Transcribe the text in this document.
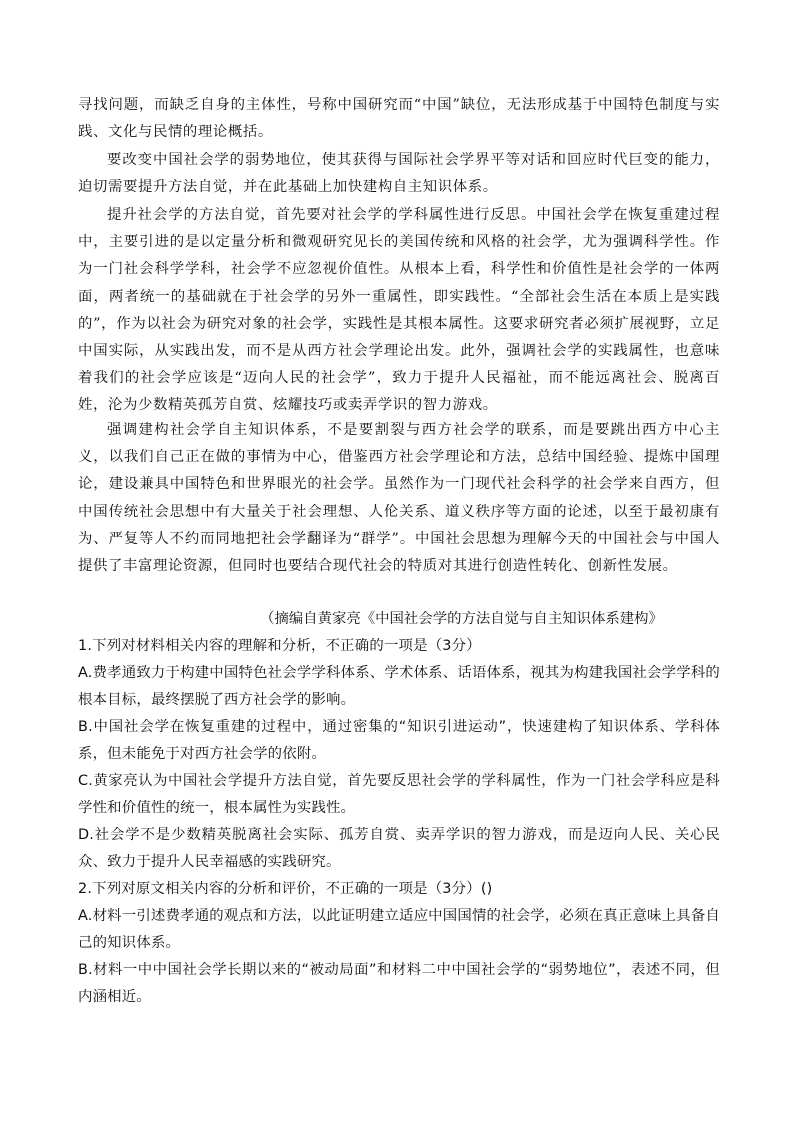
寻找问题，而缺乏自身的主体性，号称中国研究而“中国”缺位，无法形成基于中国特色制度与实践、文化与民情的理论概括。

要改变中国社会学的弱势地位，使其获得与国际社会学界平等对话和回应时代巨变的能力，迫切需要提升方法自觉，并在此基础上加快建构自主知识体系。

提升社会学的方法自觉，首先要对社会学的学科属性进行反思。中国社会学在恢复重建过程中，主要引进的是以定量分析和微观研究见长的美国传统和风格的社会学，尤为强调科学性。作为一门社会科学学科，社会学不应忽视价值性。从根本上看，科学性和价值性是社会学的一体两面，两者统一的基础就在于社会学的另外一重属性，即实践性。“全部社会生活在本质上是实践的”，作为以社会为研究对象的社会学，实践性是其根本属性。这要求研究者必须扩展视野，立足中国实际，从实践出发，而不是从西方社会学理论出发。此外，强调社会学的实践属性，也意味着我们的社会学应该是“迈向人民的社会学”，致力于提升人民福祉，而不能远离社会、脱离百姓，沦为少数精英孤芳自赏、炫耀技巧或卖弄学识的智力游戏。

强调建构社会学自主知识体系，不是要割裂与西方社会学的联系，而是要跳出西方中心主义，以我们自己正在做的事情为中心，借鉴西方社会学理论和方法，总结中国经验、提炼中国理论，建设兼具中国特色和世界眼光的社会学。虽然作为一门现代社会科学的社会学来自西方，但中国传统社会思想中有大量关于社会理想、人伦关系、道义秩序等方面的论述，以至于最初康有为、严复等人不约而同地把社会学翻译为“群学”。中国社会思想为理解今天的中国社会与中国人提供了丰富理论资源，但同时也要结合现代社会的特质对其进行创造性转化、创新性发展。

（摘编自黄家亮《中国社会学的方法自觉与自主知识体系建构》

1.下列对材料相关内容的理解和分析，不正确的一项是（3分）

A.费孝通致力于构建中国特色社会学学科体系、学术体系、话语体系，视其为构建我国社会学学科的根本目标，最终摆脱了西方社会学的影响。

B.中国社会学在恢复重建的过程中，通过密集的“知识引进运动”，快速建构了知识体系、学科体系，但未能免于对西方社会学的依附。

C.黄家亮认为中国社会学提升方法自觉，首先要反思社会学的学科属性，作为一门社会学科应是科学性和价值性的统一，根本属性为实践性。

D.社会学不是少数精英脱离社会实际、孤芳自赏、卖弄学识的智力游戏，而是迈向人民、关心民众、致力于提升人民幸福感的实践研究。

2.下列对原文相关内容的分析和评价，不正确的一项是（3分）()

A.材料一引述费孝通的观点和方法，以此证明建立适应中国国情的社会学，必须在真正意味上具备自己的知识体系。

B.材料一中中国社会学长期以来的“被动局面”和材料二中中国社会学的“弱势地位”，表述不同，但内涵相近。
